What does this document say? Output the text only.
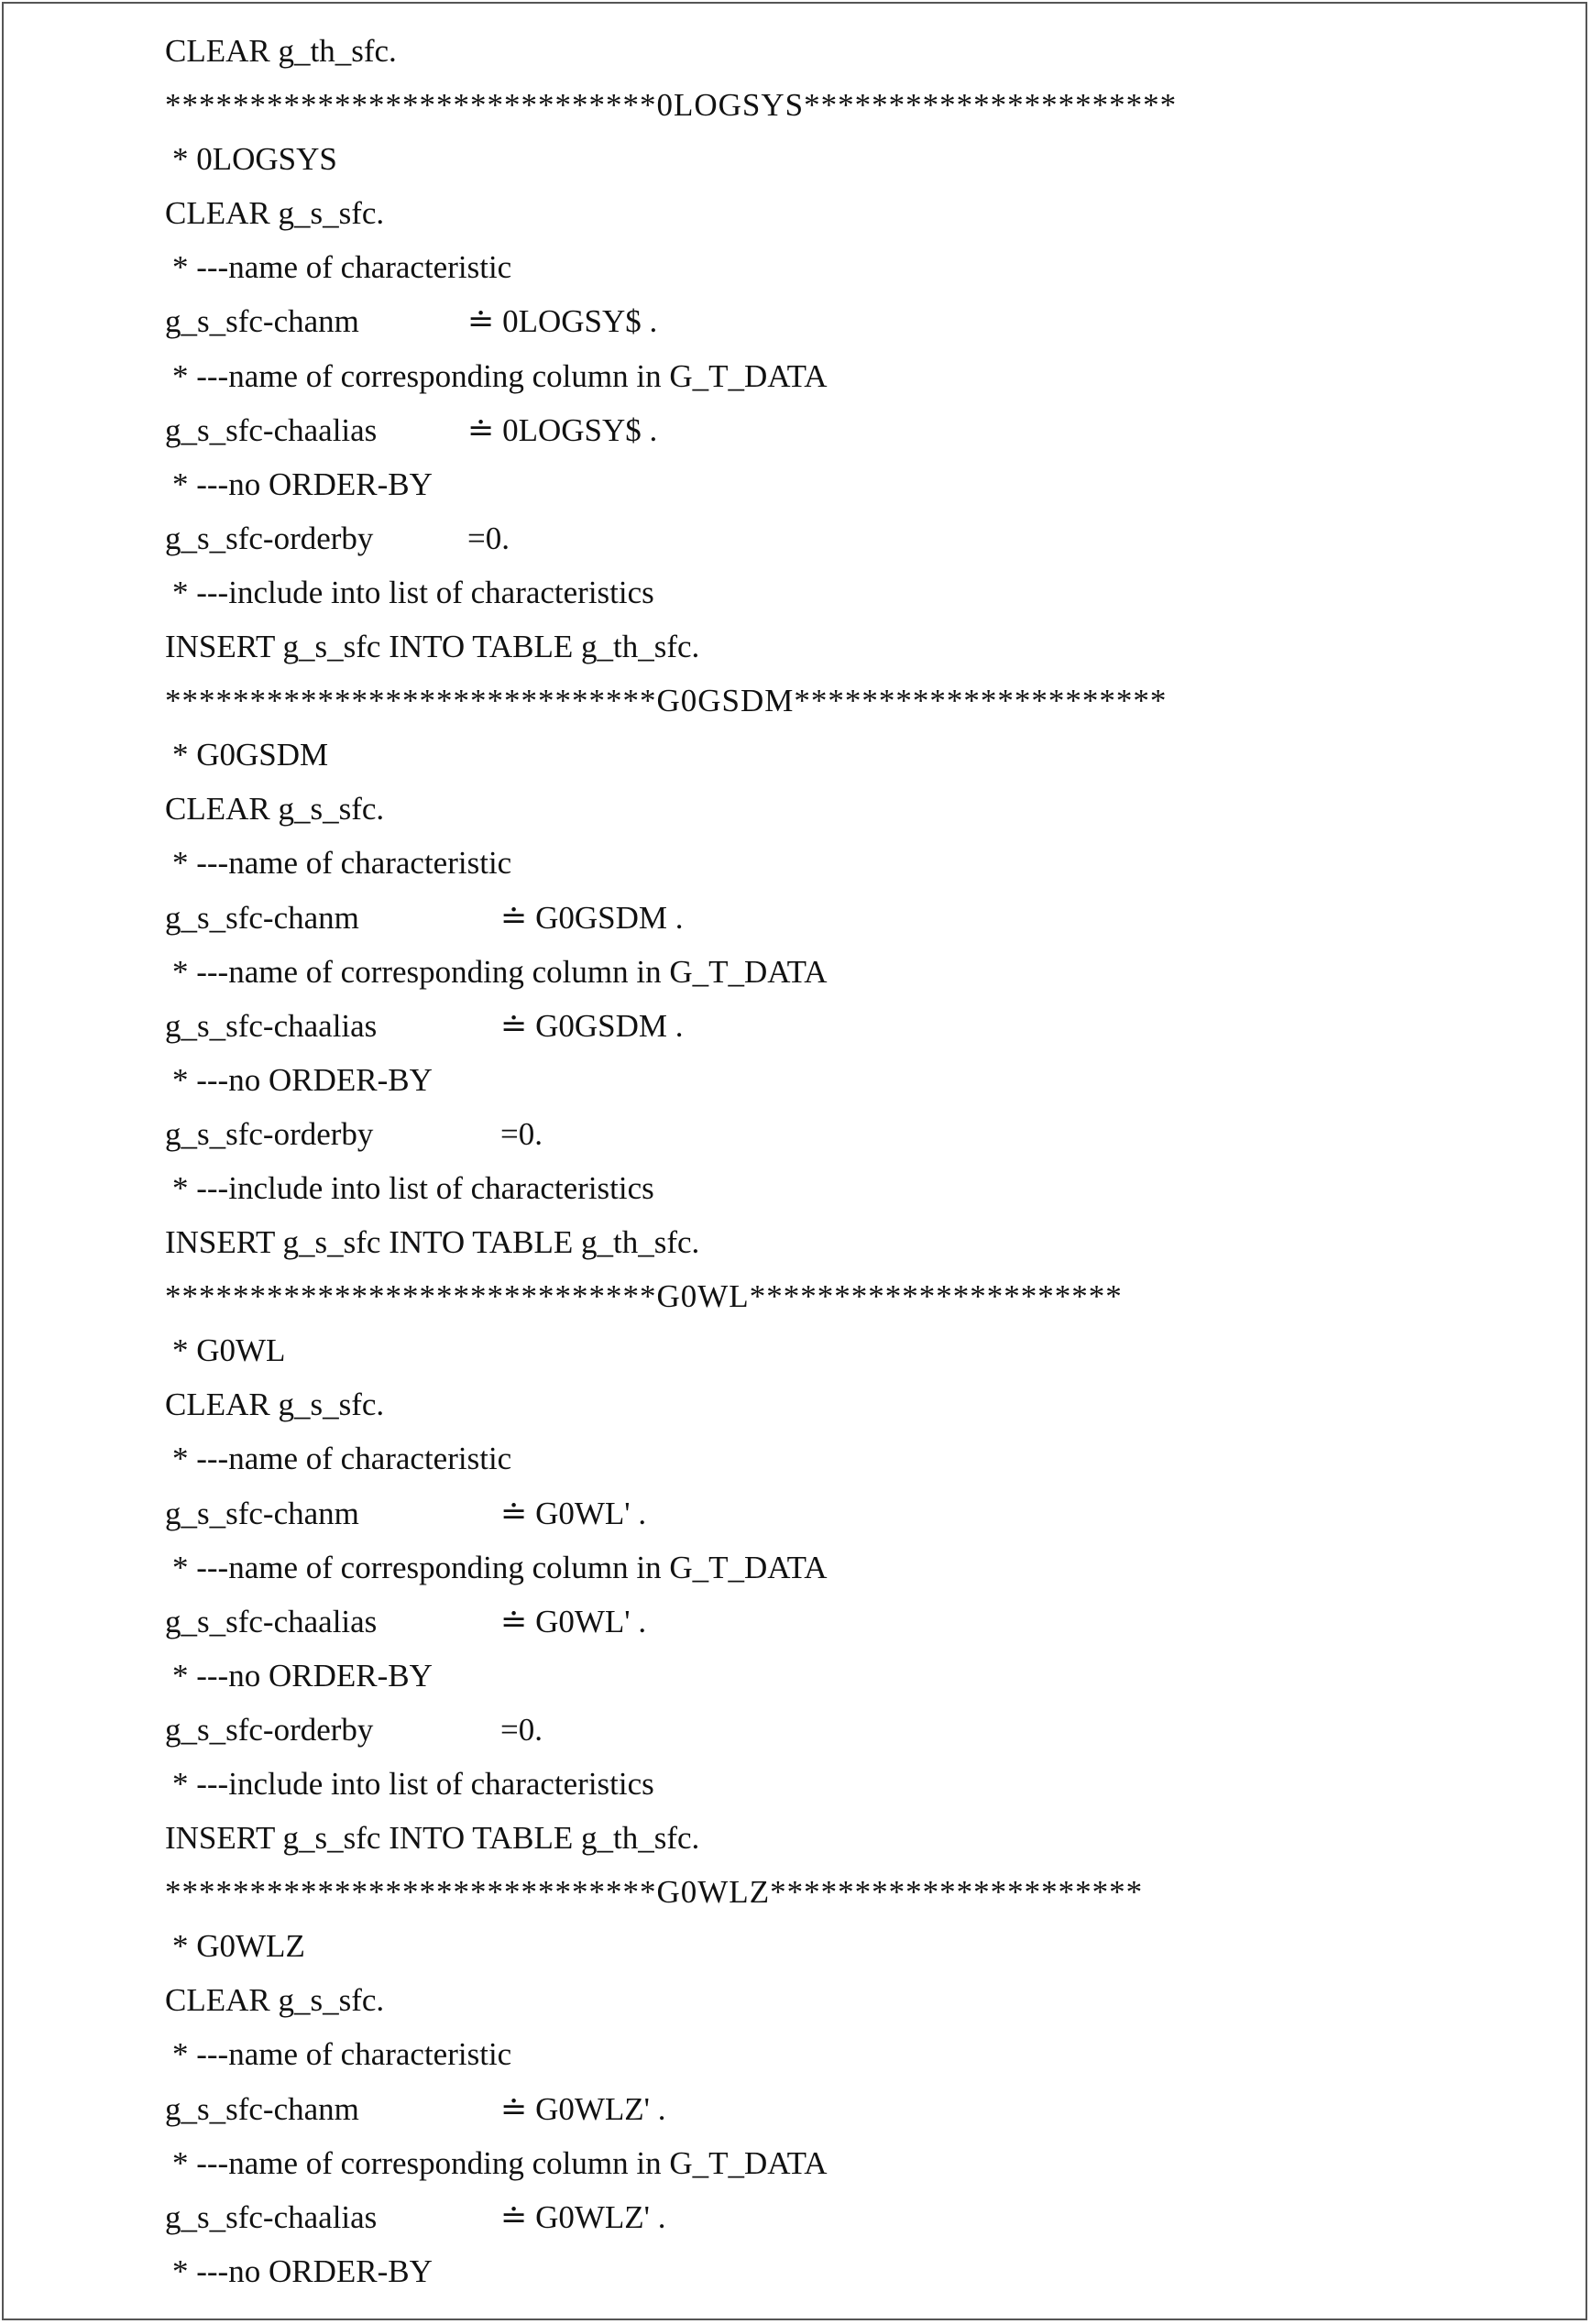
CLEAR g_th_sfc.
*****************************0LOGSYS**********************
* 0LOGSYS
CLEAR g_s_sfc.
* ---name of characteristic
g_s_sfc-chanm	≐ 0LOGSY$ .
* ---name of corresponding column in G_T_DATA
g_s_sfc-chaalias	≐ 0LOGSY$ .
* ---no ORDER-BY
g_s_sfc-orderby	=0.
* ---include into list of characteristics
INSERT g_s_sfc INTO TABLE g_th_sfc.
*****************************G0GSDM**********************
* G0GSDM
CLEAR g_s_sfc.
* ---name of characteristic
g_s_sfc-chanm	≐ G0GSDM .
* ---name of corresponding column in G_T_DATA
g_s_sfc-chaalias	≐ G0GSDM .
* ---no ORDER-BY
g_s_sfc-orderby	=0.
* ---include into list of characteristics
INSERT g_s_sfc INTO TABLE g_th_sfc.
*****************************G0WL**********************
* G0WL
CLEAR g_s_sfc.
* ---name of characteristic
g_s_sfc-chanm	≐ G0WL' .
* ---name of corresponding column in G_T_DATA
g_s_sfc-chaalias	≐ G0WL' .
* ---no ORDER-BY
g_s_sfc-orderby	=0.
* ---include into list of characteristics
INSERT g_s_sfc INTO TABLE g_th_sfc.
*****************************G0WLZ**********************
* G0WLZ
CLEAR g_s_sfc.
* ---name of characteristic
g_s_sfc-chanm	≐ G0WLZ' .
* ---name of corresponding column in G_T_DATA
g_s_sfc-chaalias	≐ G0WLZ' .
* ---no ORDER-BY
